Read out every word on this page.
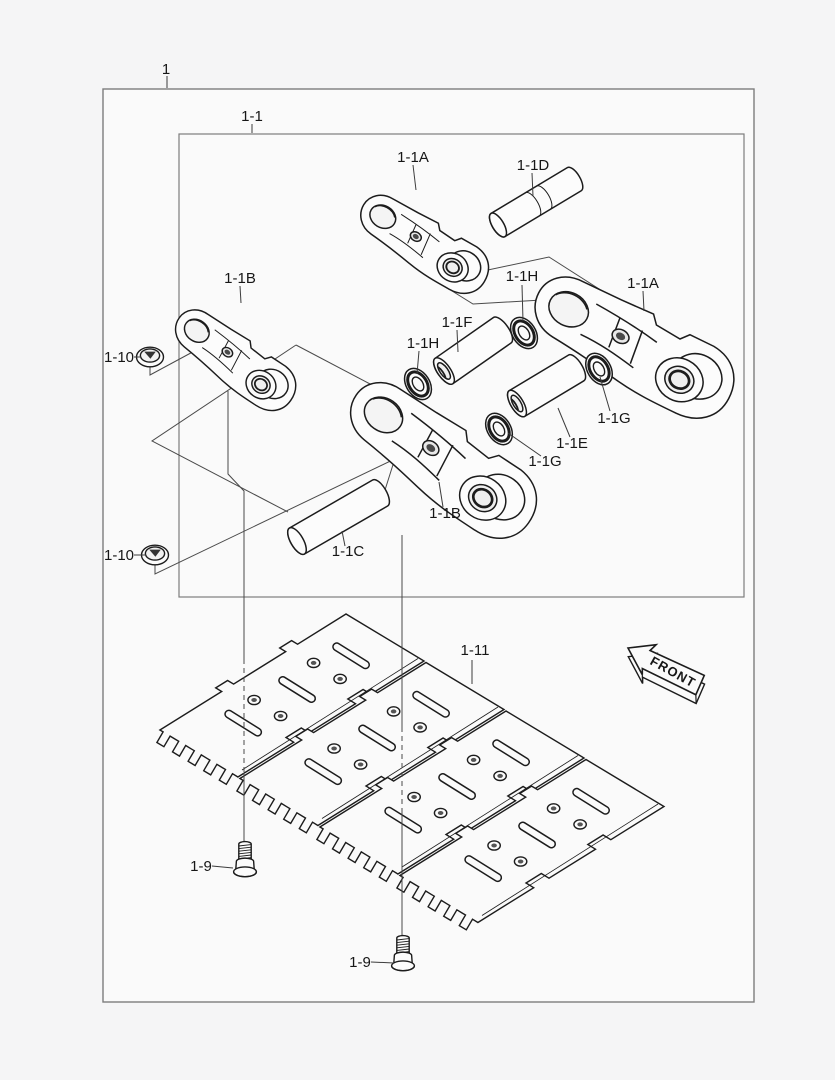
FRONT
1
1-1
1-1A	1-1D
1-1B
1-10
1-1H	1-1A
1-1F
1-1H
1-1G
1-1E
1-1G
1-1B
1-1C
1-10
1-11
1-9
1-9
